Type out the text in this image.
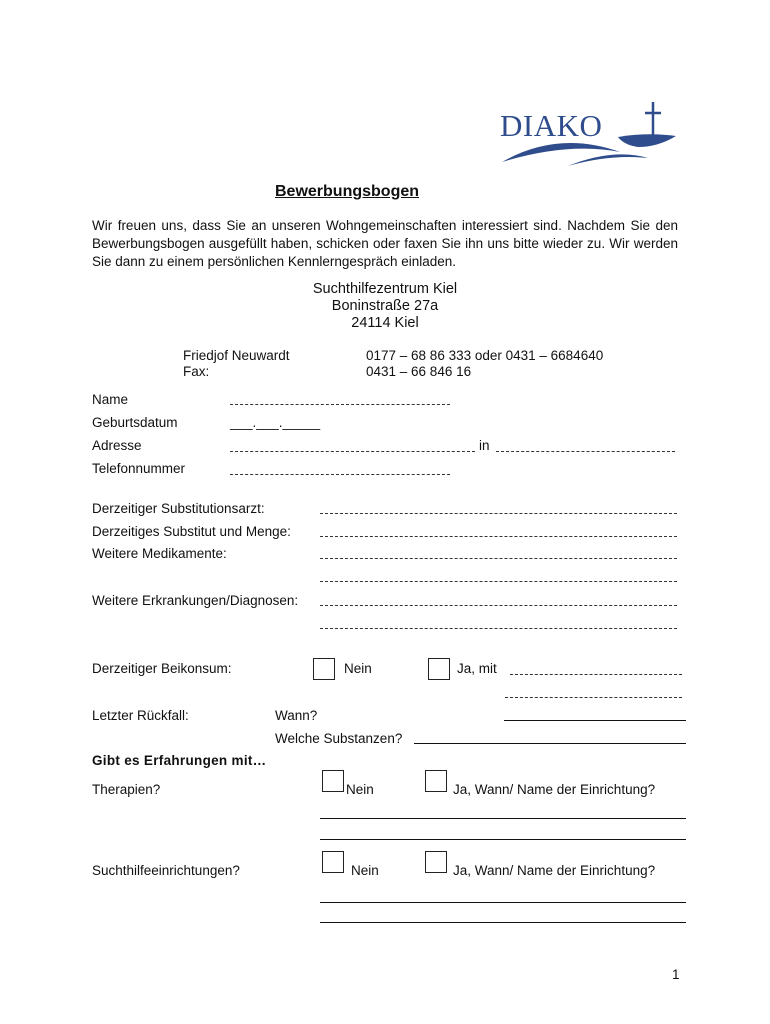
DIAKO
Bewerbungsbogen
Wir freuen uns, dass Sie an unseren Wohngemeinschaften interessiert sind. Nachdem Sie den Bewerbungsbogen ausgefüllt haben, schicken oder faxen Sie ihn uns bitte wieder zu. Wir werden Sie dann zu einem persönlichen Kennlerngespräch einladen.
Suchthilfezentrum Kiel
Boninstraße 27a
24114 Kiel
Friedjof Neuwardt	0177 – 68 86 333 oder 0431 – 6684640
Fax:	0431 – 66 846 16
Name
Geburtsdatum	___.___._____
Adresse	in
Telefonnummer
Derzeitiger Substitutionsarzt:
Derzeitiges Substitut und Menge:
Weitere Medikamente:
Weitere Erkrankungen/Diagnosen:
Derzeitiger Beikonsum:	Nein	Ja, mit
Letzter Rückfall:	Wann?
Welche Substanzen?
Gibt es Erfahrungen mit…
Therapien?	Nein	Ja, Wann/ Name der Einrichtung?
Suchthilfeeinrichtungen?	Nein	Ja, Wann/ Name der Einrichtung?
1
